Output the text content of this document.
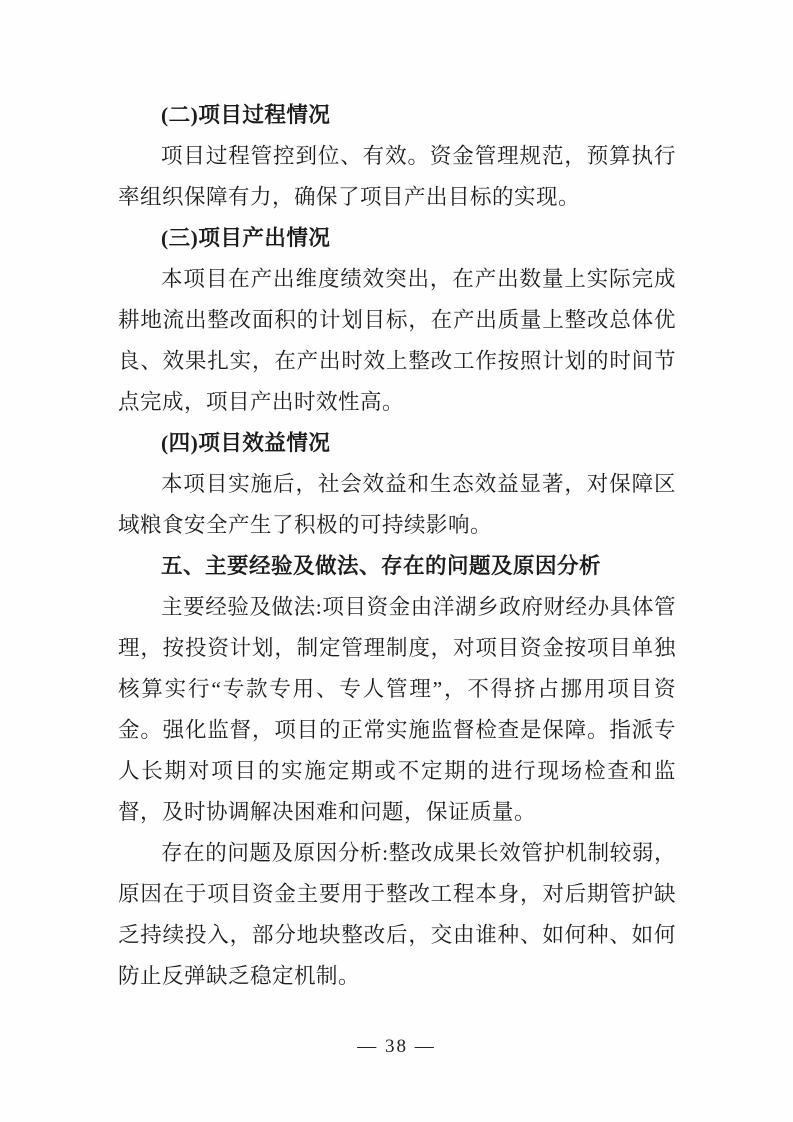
(二)项目过程情况

项目过程管控到位、有效。资金管理规范，预算执行率组织保障有力，确保了项目产出目标的实现。

(三)项目产出情况

本项目在产出维度绩效突出，在产出数量上实际完成耕地流出整改面积的计划目标，在产出质量上整改总体优良、效果扎实，在产出时效上整改工作按照计划的时间节点完成，项目产出时效性高。

(四)项目效益情况

本项目实施后，社会效益和生态效益显著，对保障区域粮食安全产生了积极的可持续影响。

五、主要经验及做法、存在的问题及原因分析

主要经验及做法:项目资金由洋湖乡政府财经办具体管理，按投资计划，制定管理制度，对项目资金按项目单独核算实行“专款专用、专人管理”，不得挤占挪用项目资金。强化监督，项目的正常实施监督检查是保障。指派专人长期对项目的实施定期或不定期的进行现场检查和监督，及时协调解决困难和问题，保证质量。

存在的问题及原因分析:整改成果长效管护机制较弱，原因在于项目资金主要用于整改工程本身，对后期管护缺乏持续投入，部分地块整改后，交由谁种、如何种、如何防止反弹缺乏稳定机制。

— 38 —
